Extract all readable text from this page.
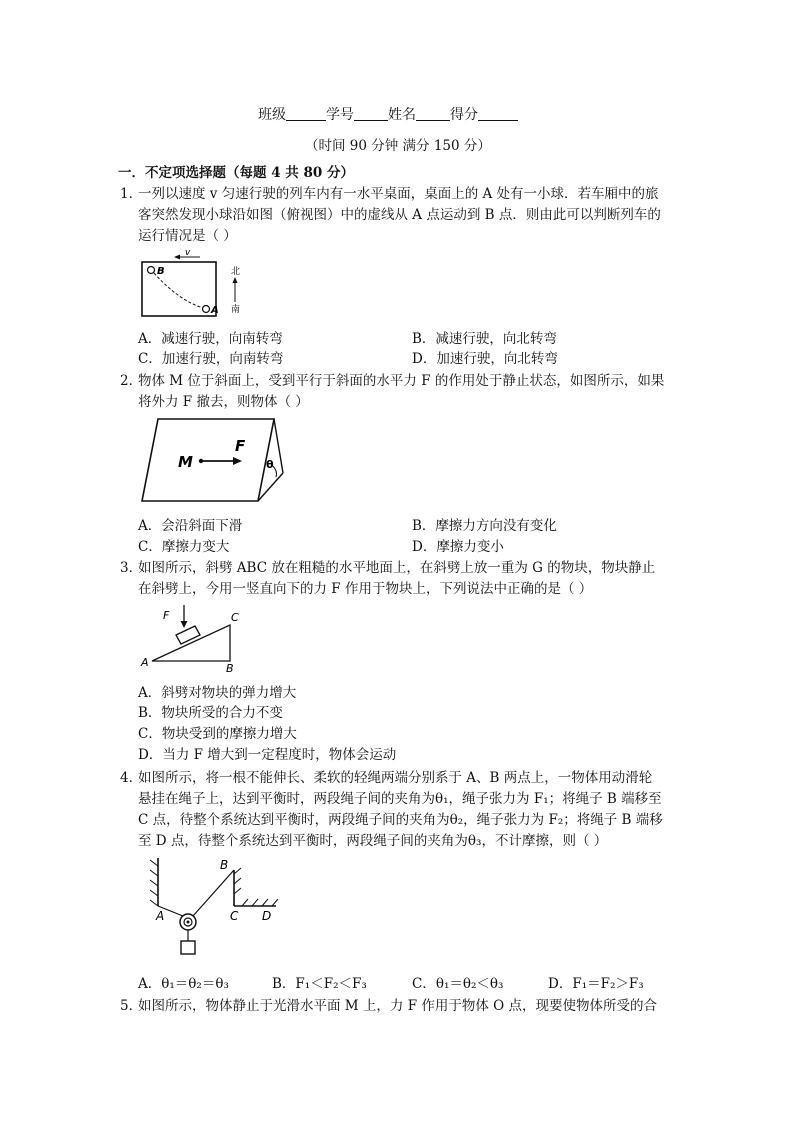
班级	学号 姓名 得分
（时间 90 分钟 满分 150 分）
一．不定项选择题（每题 4 共 80 分）
1．
一列以速度 v 匀速行驶的列车内有一水平桌面，桌面上的 A 处有一小球．若车厢中的旅
客突然发现小球沿如图（俯视图）中的虚线从 A 点运动到 B 点．则由此可以判断列车的
运行情况是（ ）
v
B
A
北
南
A．减速行驶，向南转弯	B．减速行驶，向北转弯
C．加速行驶，向南转弯	D．加速行驶，向北转弯
2．
物体 M 位于斜面上，受到平行于斜面的水平力 F 的作用处于静止状态，如图所示，如果
将外力 F 撤去，则物体（ ）
θ
M
F
A．会沿斜面下滑	B．摩擦力方向没有变化
C．摩擦力变大	D．摩擦力变小
3．
如图所示，斜劈 ABC 放在粗糙的水平地面上，在斜劈上放一重为 G 的物块，物块静止
在斜劈上，今用一竖直向下的力 F 作用于物块上，下列说法中正确的是（ ）
F	C
A	B
A．斜劈对物块的弹力增大
B．物块所受的合力不变
C．物块受到的摩擦力增大
D．当力 F 增大到一定程度时，物体会运动
4．
如图所示，将一根不能伸长、柔软的轻绳两端分别系于 A、B 两点上，一物体用动滑轮
悬挂在绳子上，达到平衡时，两段绳子间的夹角为θ₁，绳子张力为 F₁；将绳子 B 端移至
C 点，待整个系统达到平衡时，两段绳子间的夹角为θ₂，绳子张力为 F₂；将绳子 B 端移
至 D 点，待整个系统达到平衡时，两段绳子间的夹角为θ₃，不计摩擦，则（ ）
A
B
C D
A．θ₁＝θ₂＝θ₃	B．F₁＜F₂＜F₃	C．θ₁＝θ₂＜θ₃	D．F₁＝F₂＞F₃
5．
如图所示，物体静止于光滑水平面 M 上，力 F 作用于物体 O 点，现要使物体所受的合
